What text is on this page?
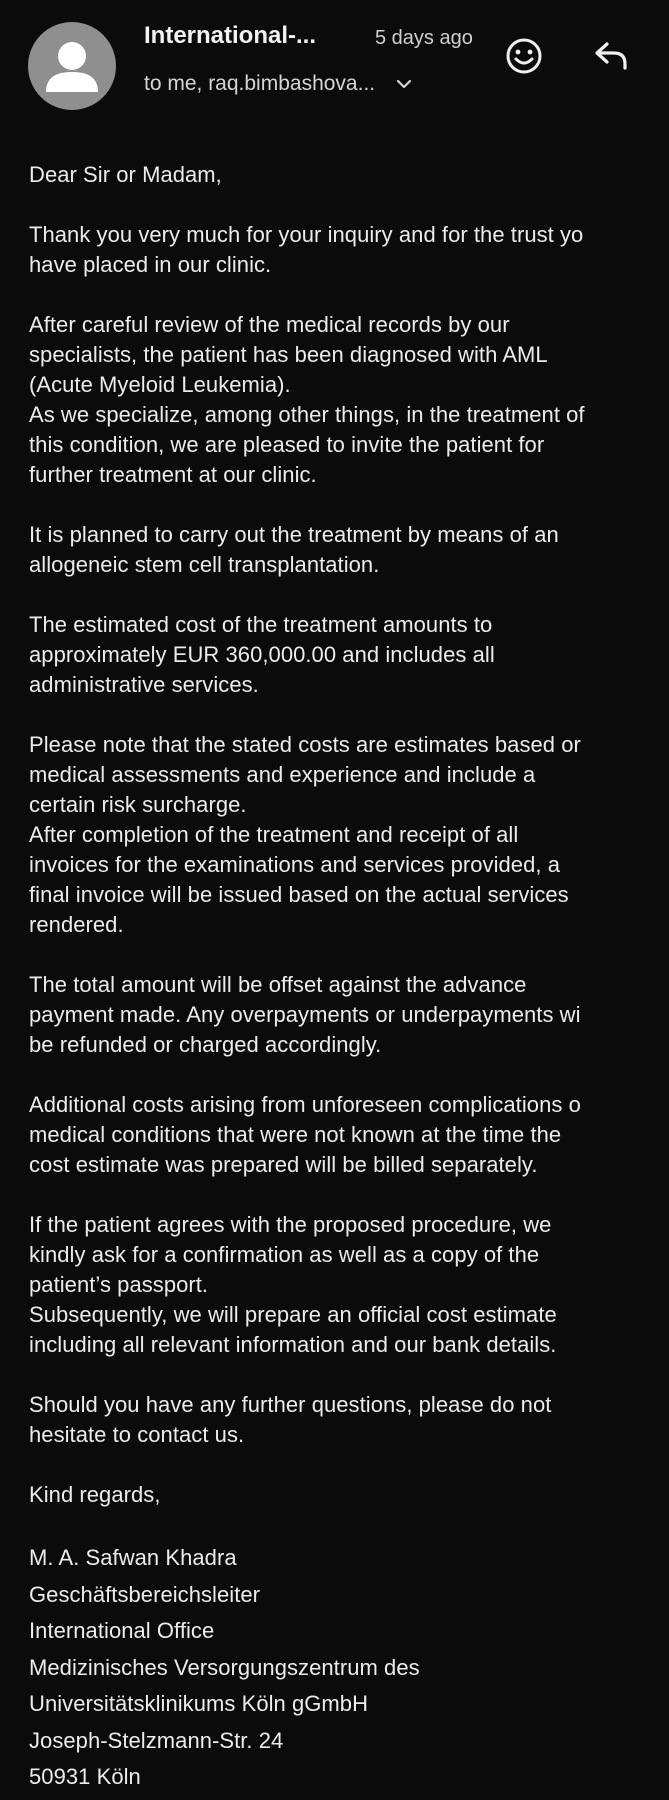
International-...	5 days ago
to me, raq.bimbashova...

Dear Sir or Madam,

Thank you very much for your inquiry and for the trust yo
have placed in our clinic.

After careful review of the medical records by our
specialists, the patient has been diagnosed with AML
(Acute Myeloid Leukemia).
As we specialize, among other things, in the treatment of
this condition, we are pleased to invite the patient for
further treatment at our clinic.

It is planned to carry out the treatment by means of an
allogeneic stem cell transplantation.

The estimated cost of the treatment amounts to
approximately EUR 360,000.00 and includes all
administrative services.

Please note that the stated costs are estimates based or
medical assessments and experience and include a
certain risk surcharge.
After completion of the treatment and receipt of all
invoices for the examinations and services provided, a
final invoice will be issued based on the actual services
rendered.

The total amount will be offset against the advance
payment made. Any overpayments or underpayments wi
be refunded or charged accordingly.

Additional costs arising from unforeseen complications o
medical conditions that were not known at the time the
cost estimate was prepared will be billed separately.

If the patient agrees with the proposed procedure, we
kindly ask for a confirmation as well as a copy of the
patient’s passport.
Subsequently, we will prepare an official cost estimate
including all relevant information and our bank details.

Should you have any further questions, please do not
hesitate to contact us.

Kind regards,

M. A. Safwan Khadra

Geschäftsbereichsleiter

International Office

Medizinisches Versorgungszentrum des

Universitätsklinikums Köln gGmbH

Joseph-Stelzmann-Str. 24

50931 Köln
